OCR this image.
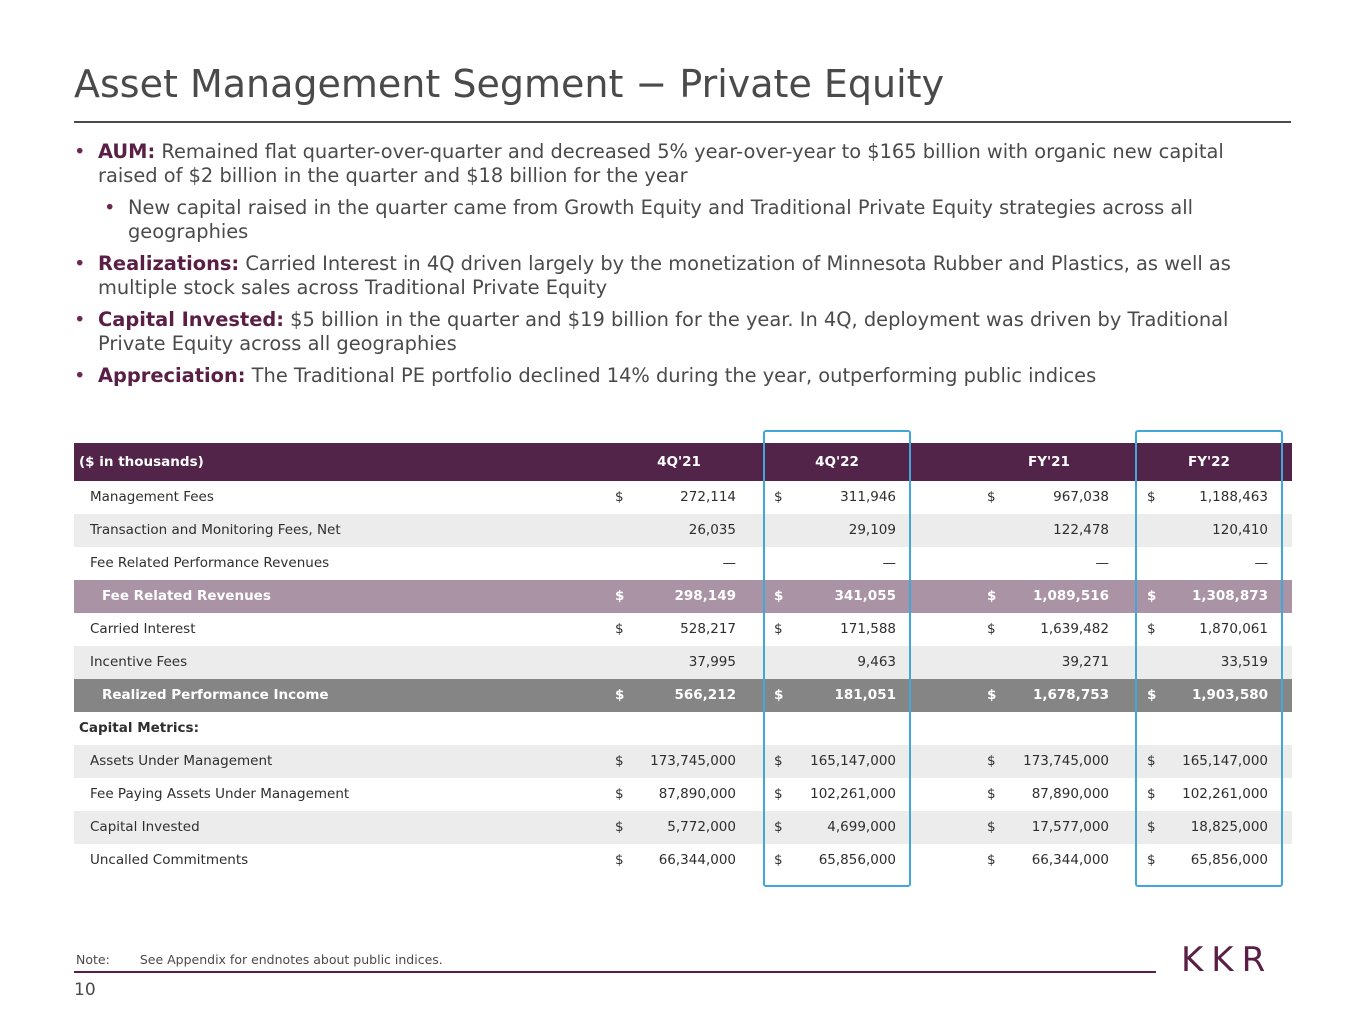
Asset Management Segment − Private Equity
• AUM: Remained flat quarter-over-quarter and decreased 5% year-over-year to $165 billion with organic new capital raised of $2 billion in the quarter and $18 billion for the year
• New capital raised in the quarter came from Growth Equity and Traditional Private Equity strategies across all geographies
• Realizations: Carried Interest in 4Q driven largely by the monetization of Minnesota Rubber and Plastics, as well as multiple stock sales across Traditional Private Equity
• Capital Invested: $5 billion in the quarter and $19 billion for the year. In 4Q, deployment was driven by Traditional Private Equity across all geographies
• Appreciation: The Traditional PE portfolio declined 14% during the year, outperforming public indices
($ in thousands)	4Q'21	4Q'22	FY'21	FY'22
Management Fees	$	272,114	$	311,946	$	967,038	$	1,188,463
Transaction and Monitoring Fees, Net	26,035	29,109	122,478	120,410
Fee Related Performance Revenues	—	—	—	—
Fee Related Revenues	$	298,149	$	341,055	$	1,089,516	$	1,308,873
Carried Interest	$	528,217	$	171,588	$	1,639,482	$	1,870,061
Incentive Fees	37,995	9,463	39,271	33,519
Realized Performance Income	$	566,212	$	181,051	$	1,678,753	$	1,903,580
Capital Metrics:
Assets Under Management	$ 173,745,000	$ 165,147,000	$ 173,745,000	$ 165,147,000
Fee Paying Assets Under Management	$	87,890,000	$ 102,261,000	$	87,890,000	$ 102,261,000
Capital Invested	$	5,772,000	$	4,699,000	$	17,577,000	$	18,825,000
Uncalled Commitments	$	66,344,000	$	65,856,000	$	66,344,000	$	65,856,000
Note: See Appendix for endnotes about public indices.
10
KKR
